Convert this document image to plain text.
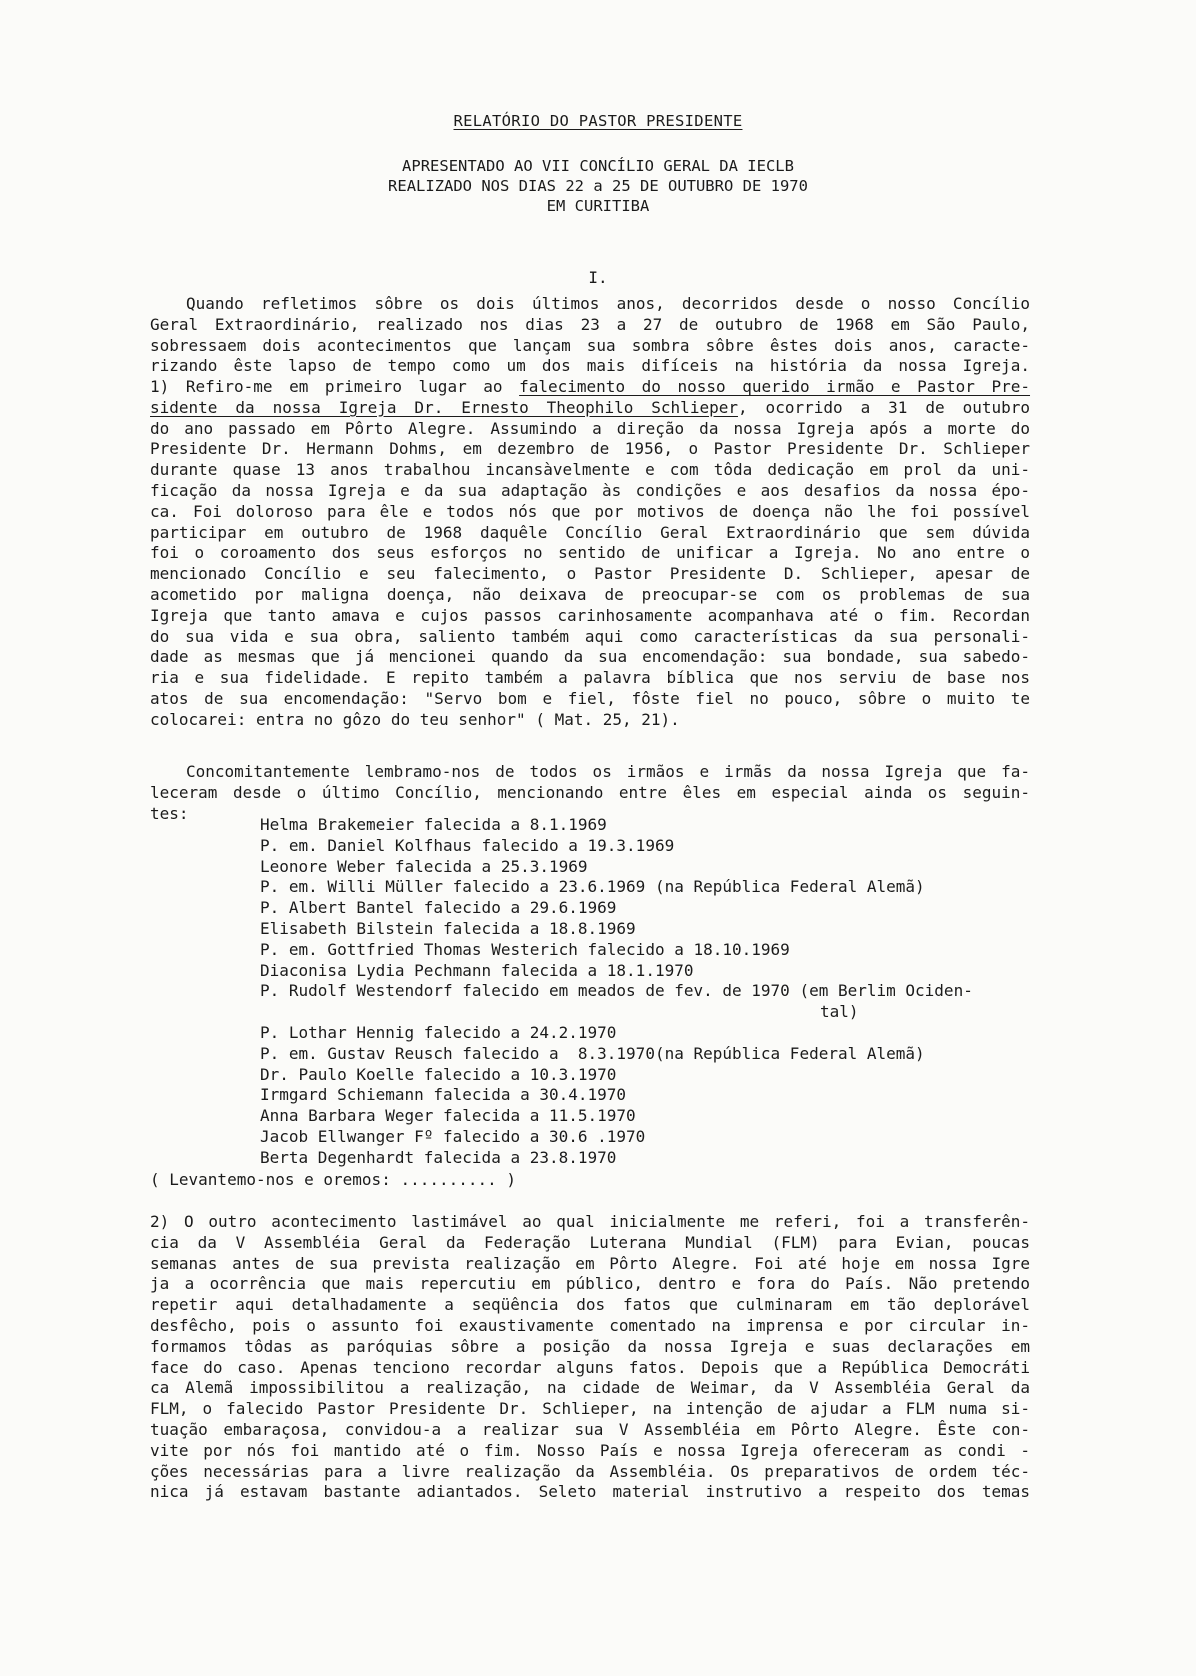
RELATÓRIO DO PASTOR PRESIDENTE
APRESENTADO AO VII CONCÍLIO GERAL DA IECLB
REALIZADO NOS DIAS 22 a 25 DE OUTUBRO DE 1970
EM CURITIBA
I.
Quando refletimos sôbre os dois últimos anos, decorridos desde o nosso Concílio
Geral Extraordinário, realizado nos dias 23 a 27 de outubro de 1968 em São Paulo,
sobressaem dois acontecimentos que lançam sua sombra sôbre êstes dois anos, caracte-
rizando êste lapso de tempo como um dos mais difíceis na história da nossa Igreja.
1) Refiro-me em primeiro lugar ao falecimento do nosso querido irmão e Pastor Pre-
sidente da nossa Igreja Dr. Ernesto Theophilo Schlieper, ocorrido a 31 de outubro
do ano passado em Pôrto Alegre. Assumindo a direção da nossa Igreja após a morte do
Presidente Dr. Hermann Dohms, em dezembro de 1956, o Pastor Presidente Dr. Schlieper
durante quase 13 anos trabalhou incansàvelmente e com tôda dedicação em prol da uni-
ficação da nossa Igreja e da sua adaptação às condições e aos desafios da nossa épo-
ca. Foi doloroso para êle e todos nós que por motivos de doença não lhe foi possível
participar em outubro de 1968 daquêle Concílio Geral Extraordinário que sem dúvida
foi o coroamento dos seus esforços no sentido de unificar a Igreja. No ano entre o
mencionado Concílio e seu falecimento, o Pastor Presidente D. Schlieper, apesar de
acometido por maligna doença, não deixava de preocupar-se com os problemas de sua
Igreja que tanto amava e cujos passos carinhosamente acompanhava até o fim. Recordan
do sua vida e sua obra, saliento também aqui como características da sua personali-
dade as mesmas que já mencionei quando da sua encomendação: sua bondade, sua sabedo-
ria e sua fidelidade. E repito também a palavra bíblica que nos serviu de base nos
atos de sua encomendação: "Servo bom e fiel, fôste fiel no pouco, sôbre o muito te
colocarei: entra no gôzo do teu senhor" ( Mat. 25, 21).
Concomitantemente lembramo-nos de todos os irmãos e irmãs da nossa Igreja que fa-
leceram desde o último Concílio, mencionando entre êles em especial ainda os seguin-
tes:
Helma Brakemeier falecida a 8.1.1969
P. em. Daniel Kolfhaus falecido a 19.3.1969
Leonore Weber falecida a 25.3.1969
P. em. Willi Müller falecido a 23.6.1969 (na República Federal Alemã)
P. Albert Bantel falecido a 29.6.1969
Elisabeth Bilstein falecida a 18.8.1969
P. em. Gottfried Thomas Westerich falecido a 18.10.1969
Diaconisa Lydia Pechmann falecida a 18.1.1970
P. Rudolf Westendorf falecido em meados de fev. de 1970 (em Berlim Ociden-
tal)
P. Lothar Hennig falecido a 24.2.1970
P. em. Gustav Reusch falecido a  8.3.1970(na República Federal Alemã)
Dr. Paulo Koelle falecido a 10.3.1970
Irmgard Schiemann falecida a 30.4.1970
Anna Barbara Weger falecida a 11.5.1970
Jacob Ellwanger Fº falecido a 30.6 .1970
Berta Degenhardt falecida a 23.8.1970
( Levantemo-nos e oremos: .......... )
2) O outro acontecimento lastimável ao qual inicialmente me referi, foi a transferên-
cia da V Assembléia Geral da Federação Luterana Mundial (FLM) para Evian, poucas
semanas antes de sua prevista realização em Pôrto Alegre. Foi até hoje em nossa Igre
ja a ocorrência que mais repercutiu em público, dentro e fora do País. Não pretendo
repetir aqui detalhadamente a seqüência dos fatos que culminaram em tão deplorável
desfêcho, pois o assunto foi exaustivamente comentado na imprensa e por circular in-
formamos tôdas as paróquias sôbre a posição da nossa Igreja e suas declarações em
face do caso. Apenas tenciono recordar alguns fatos. Depois que a República Democráti
ca Alemã impossibilitou a realização, na cidade de Weimar, da V Assembléia Geral da
FLM, o falecido Pastor Presidente Dr. Schlieper, na intenção de ajudar a FLM numa si-
tuação embaraçosa, convidou-a a realizar sua V Assembléia em Pôrto Alegre. Êste con-
vite por nós foi mantido até o fim. Nosso País e nossa Igreja ofereceram as condi -
ções necessárias para a livre realização da Assembléia. Os preparativos de ordem téc-
nica já estavam bastante adiantados. Seleto material instrutivo a respeito dos temas
